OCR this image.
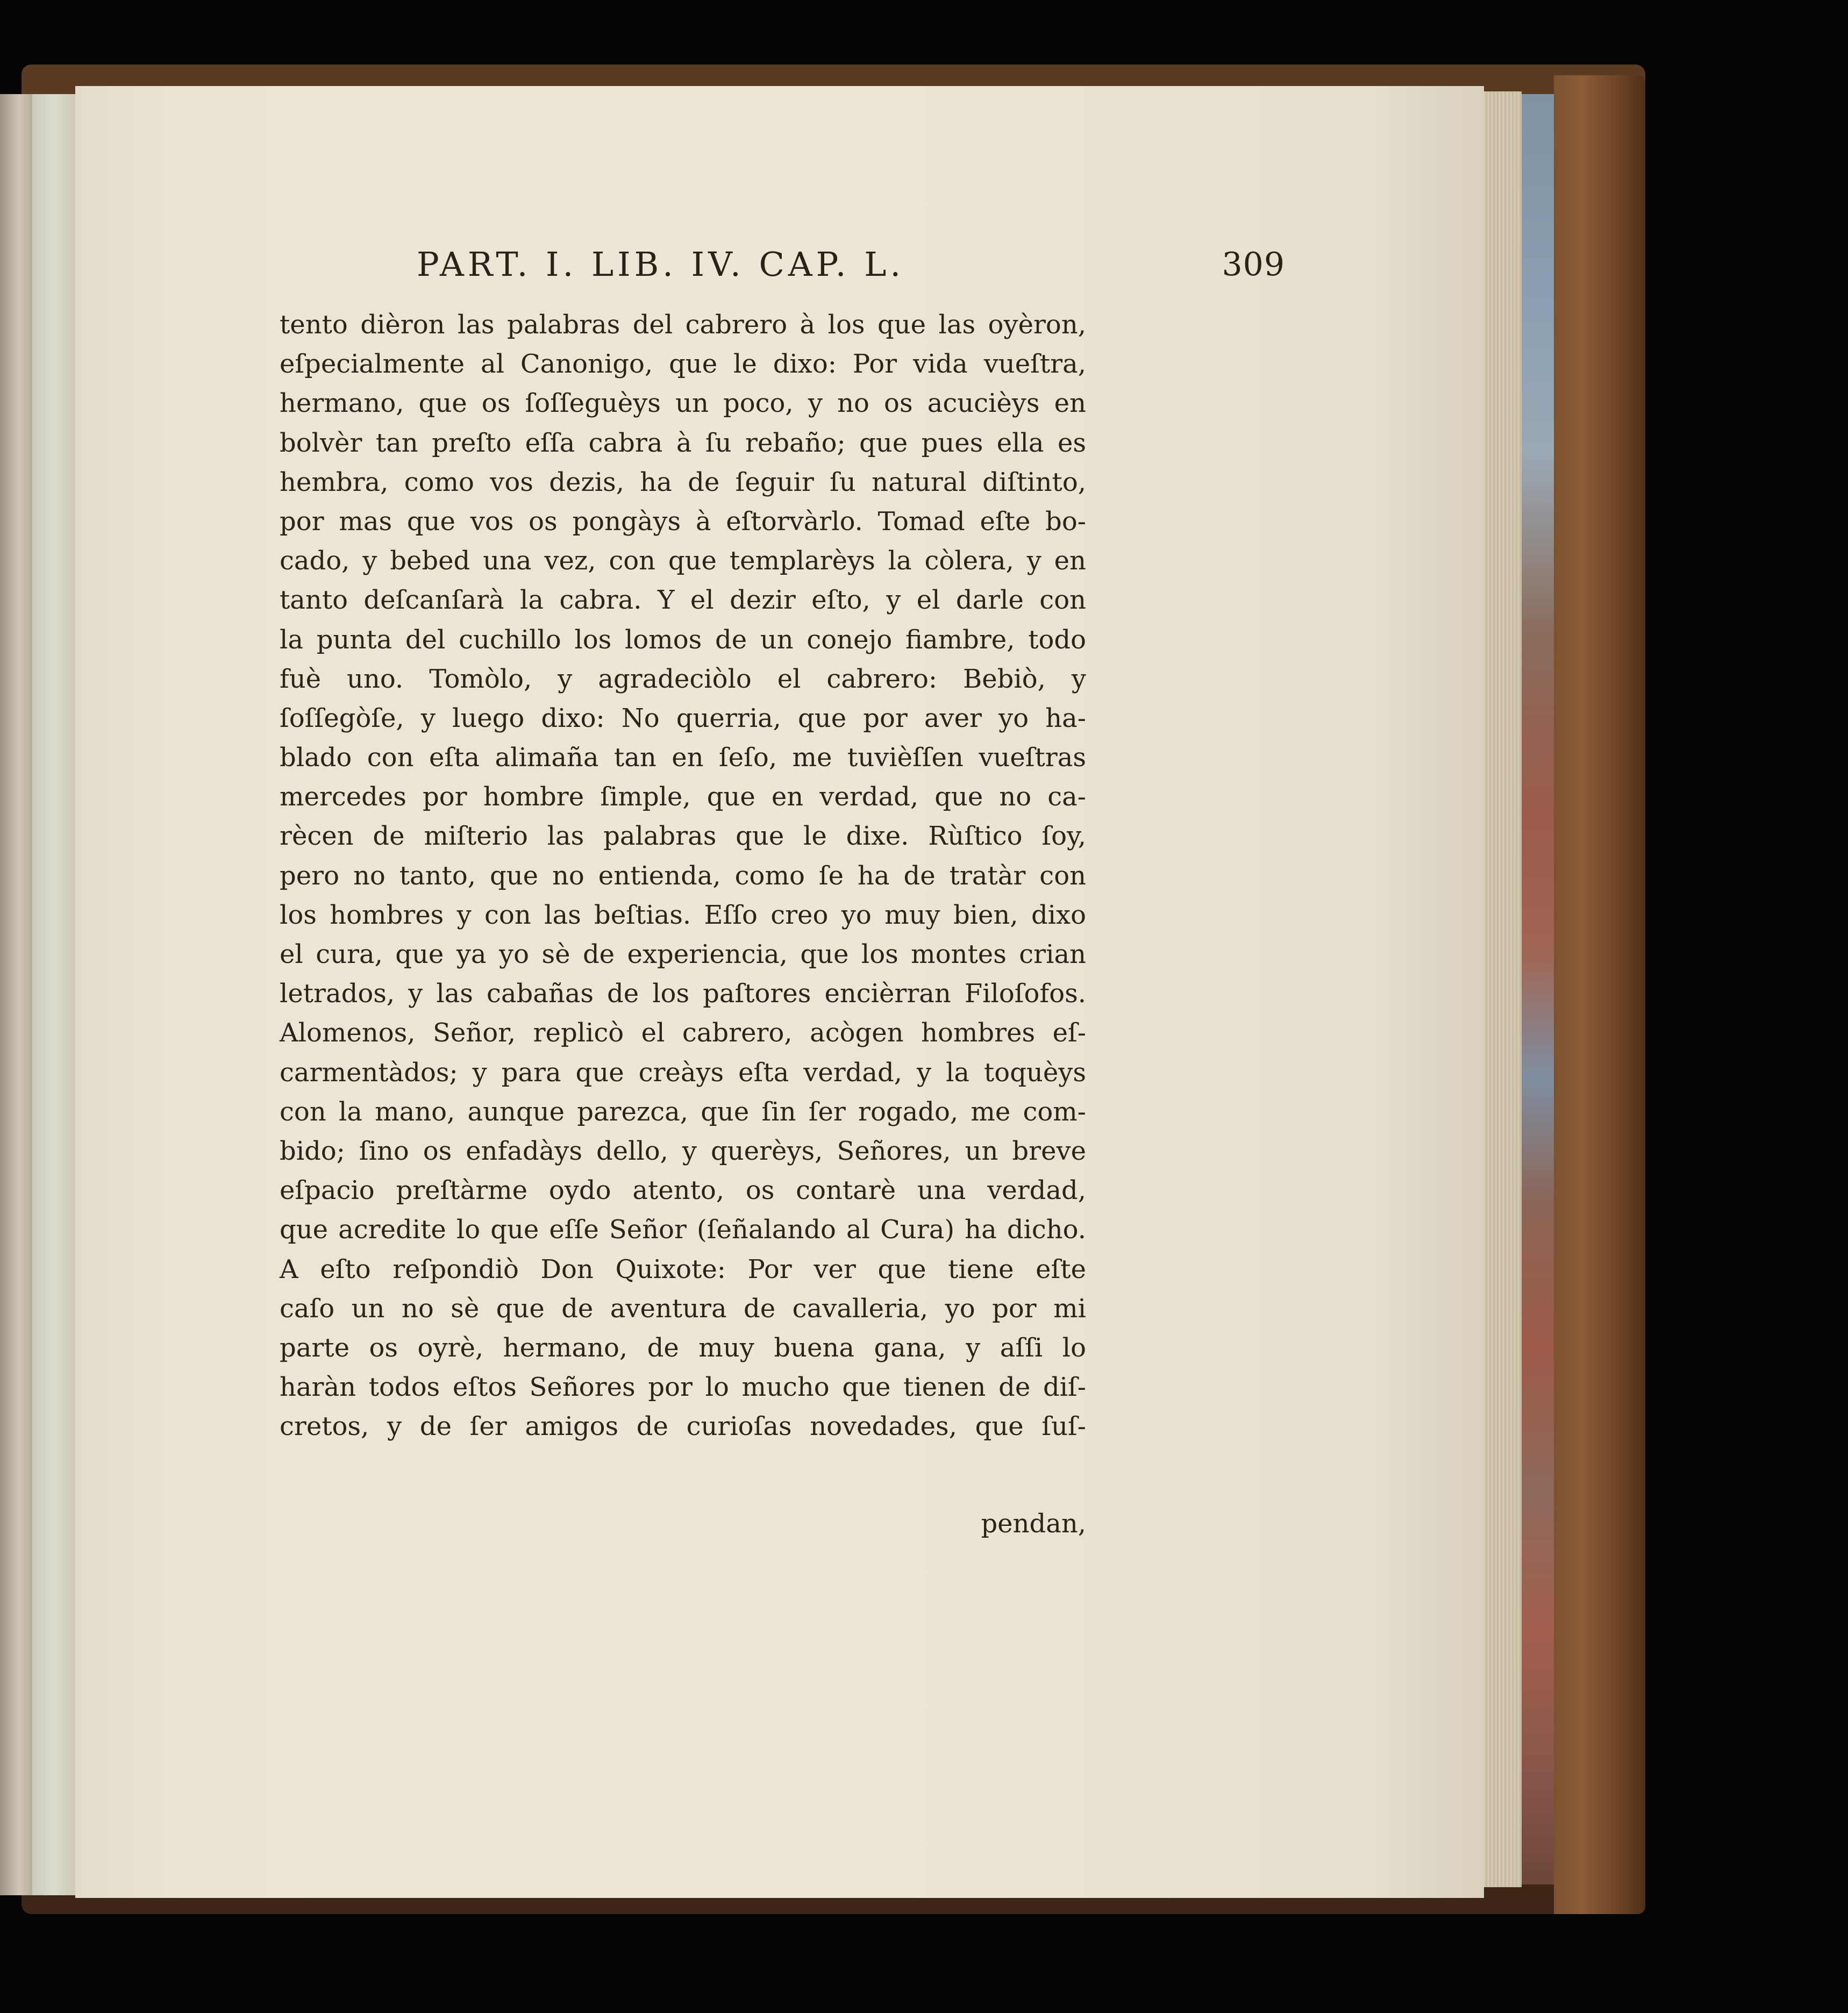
PART. I. LIB. IV. CAP. L.	309
tento dièron las palabras del cabrero à los que las oyèron,
eſpecialmente al Canonigo, que le dixo: Por vida vueſtra,
hermano, que os ſoſſeguèys un poco, y no os acucièys en
bolvèr tan preſto eſſa cabra à ſu rebaño; que pues ella es
hembra, como vos dezis, ha de ſeguir ſu natural diſtinto,
por mas que vos os pongàys à eſtorvàrlo. Tomad eſte bo-
cado, y bebed una vez, con que templarèys la còlera, y en
tanto deſcanſarà la cabra. Y el dezir eſto, y el darle con
la punta del cuchillo los lomos de un conejo fiambre, todo
fuè uno. Tomòlo, y agradeciòlo el cabrero: Bebiò, y
ſoſſegòſe, y luego dixo: No querria, que por aver yo ha-
blado con eſta alimaña tan en ſeſo, me tuvièſſen vueſtras
mercedes por hombre ſimple, que en verdad, que no ca-
rècen de miſterio las palabras que le dixe. Rùſtico ſoy,
pero no tanto, que no entienda, como ſe ha de tratàr con
los hombres y con las beſtias. Eſſo creo yo muy bien, dixo
el cura, que ya yo sè de experiencia, que los montes crian
letrados, y las cabañas de los paſtores encièrran Filoſofos.
Alomenos, Señor, replicò el cabrero, acògen hombres eſ-
carmentàdos; y para que creàys eſta verdad, y la toquèys
con la mano, aunque parezca, que ſin ſer rogado, me com-
bido; ſino os enfadàys dello, y querèys, Señores, un breve
eſpacio preſtàrme oydo atento, os contarè una verdad,
que acredite lo que eſſe Señor (ſeñalando al Cura) ha dicho.
A eſto reſpondiò Don Quixote: Por ver que tiene eſte
caſo un no sè que de aventura de cavalleria, yo por mi
parte os oyrè, hermano, de muy buena gana, y aſſi lo
haràn todos eſtos Señores por lo mucho que tienen de diſ-
cretos, y de ſer amigos de curioſas novedades, que ſuſ-
pendan,
